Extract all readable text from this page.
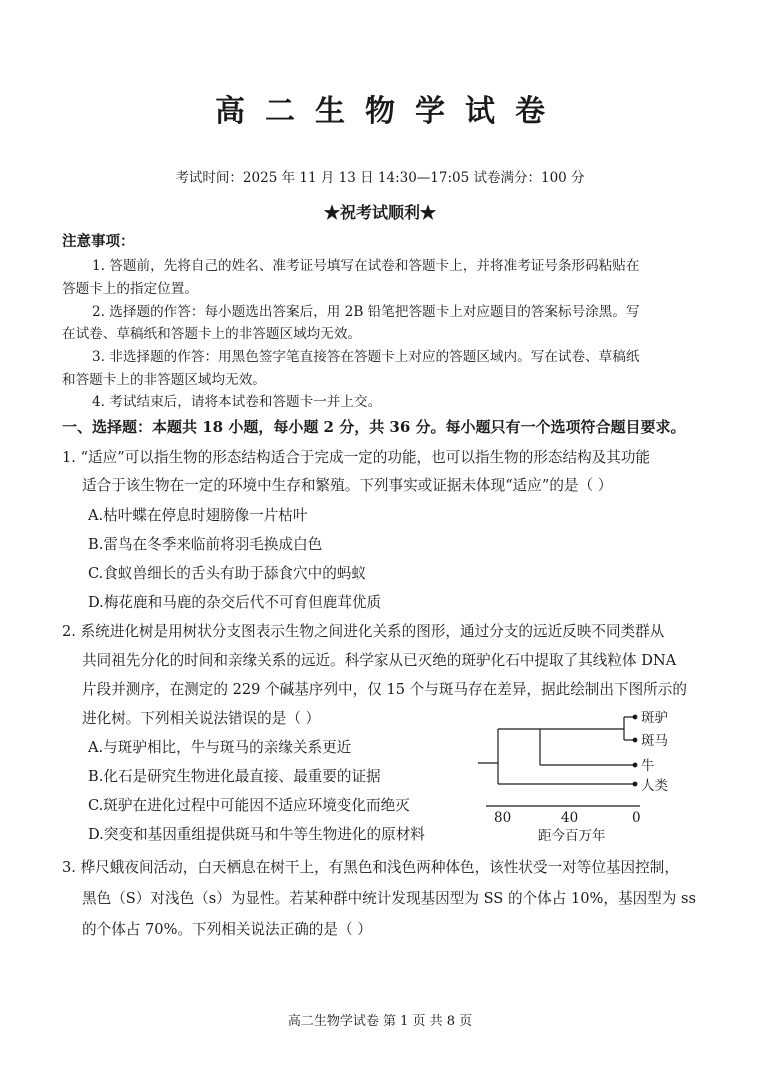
高二生物学试卷
考试时间：2025 年 11 月 13 日 14:30—17:05 试卷满分：100 分
★祝考试顺利★
注意事项：
1. 答题前，先将自己的姓名、准考证号填写在试卷和答题卡上，并将准考证号条形码粘贴在
答题卡上的指定位置。
2. 选择题的作答：每小题选出答案后，用 2B 铅笔把答题卡上对应题目的答案标号涂黑。写
在试卷、草稿纸和答题卡上的非答题区域均无效。
3. 非选择题的作答：用黑色签字笔直接答在答题卡上对应的答题区域内。写在试卷、草稿纸
和答题卡上的非答题区域均无效。
4. 考试结束后，请将本试卷和答题卡一并上交。
一、选择题：本题共 18 小题，每小题 2 分，共 36 分。每小题只有一个选项符合题目要求。
1. “适应”可以指生物的形态结构适合于完成一定的功能，也可以指生物的形态结构及其功能
适合于该生物在一定的环境中生存和繁殖。下列事实或证据未体现“适应”的是（ ）
A.枯叶蝶在停息时翅膀像一片枯叶
B.雷鸟在冬季来临前将羽毛换成白色
C.食蚁兽细长的舌头有助于舔食穴中的蚂蚁
D.梅花鹿和马鹿的杂交后代不可育但鹿茸优质
2. 系统进化树是用树状分支图表示生物之间进化关系的图形，通过分支的远近反映不同类群从
共同祖先分化的时间和亲缘关系的远近。科学家从已灭绝的斑驴化石中提取了其线粒体 DNA
片段并测序，在测定的 229 个碱基序列中，仅 15 个与斑马存在差异，据此绘制出下图所示的
进化树。下列相关说法错误的是（ ）
A.与斑驴相比，牛与斑马的亲缘关系更近
B.化石是研究生物进化最直接、最重要的证据
C.斑驴在进化过程中可能因不适应环境变化而绝灭
D.突变和基因重组提供斑马和牛等生物进化的原材料
斑驴
斑马
牛
人类
80	40	0
距今百万年
3. 桦尺蛾夜间活动，白天栖息在树干上，有黑色和浅色两种体色，该性状受一对等位基因控制，
黑色（S）对浅色（s）为显性。若某种群中统计发现基因型为 SS 的个体占 10%，基因型为 ss
的个体占 70%。下列相关说法正确的是（ ）
高二生物学试卷 第 1 页 共 8 页
